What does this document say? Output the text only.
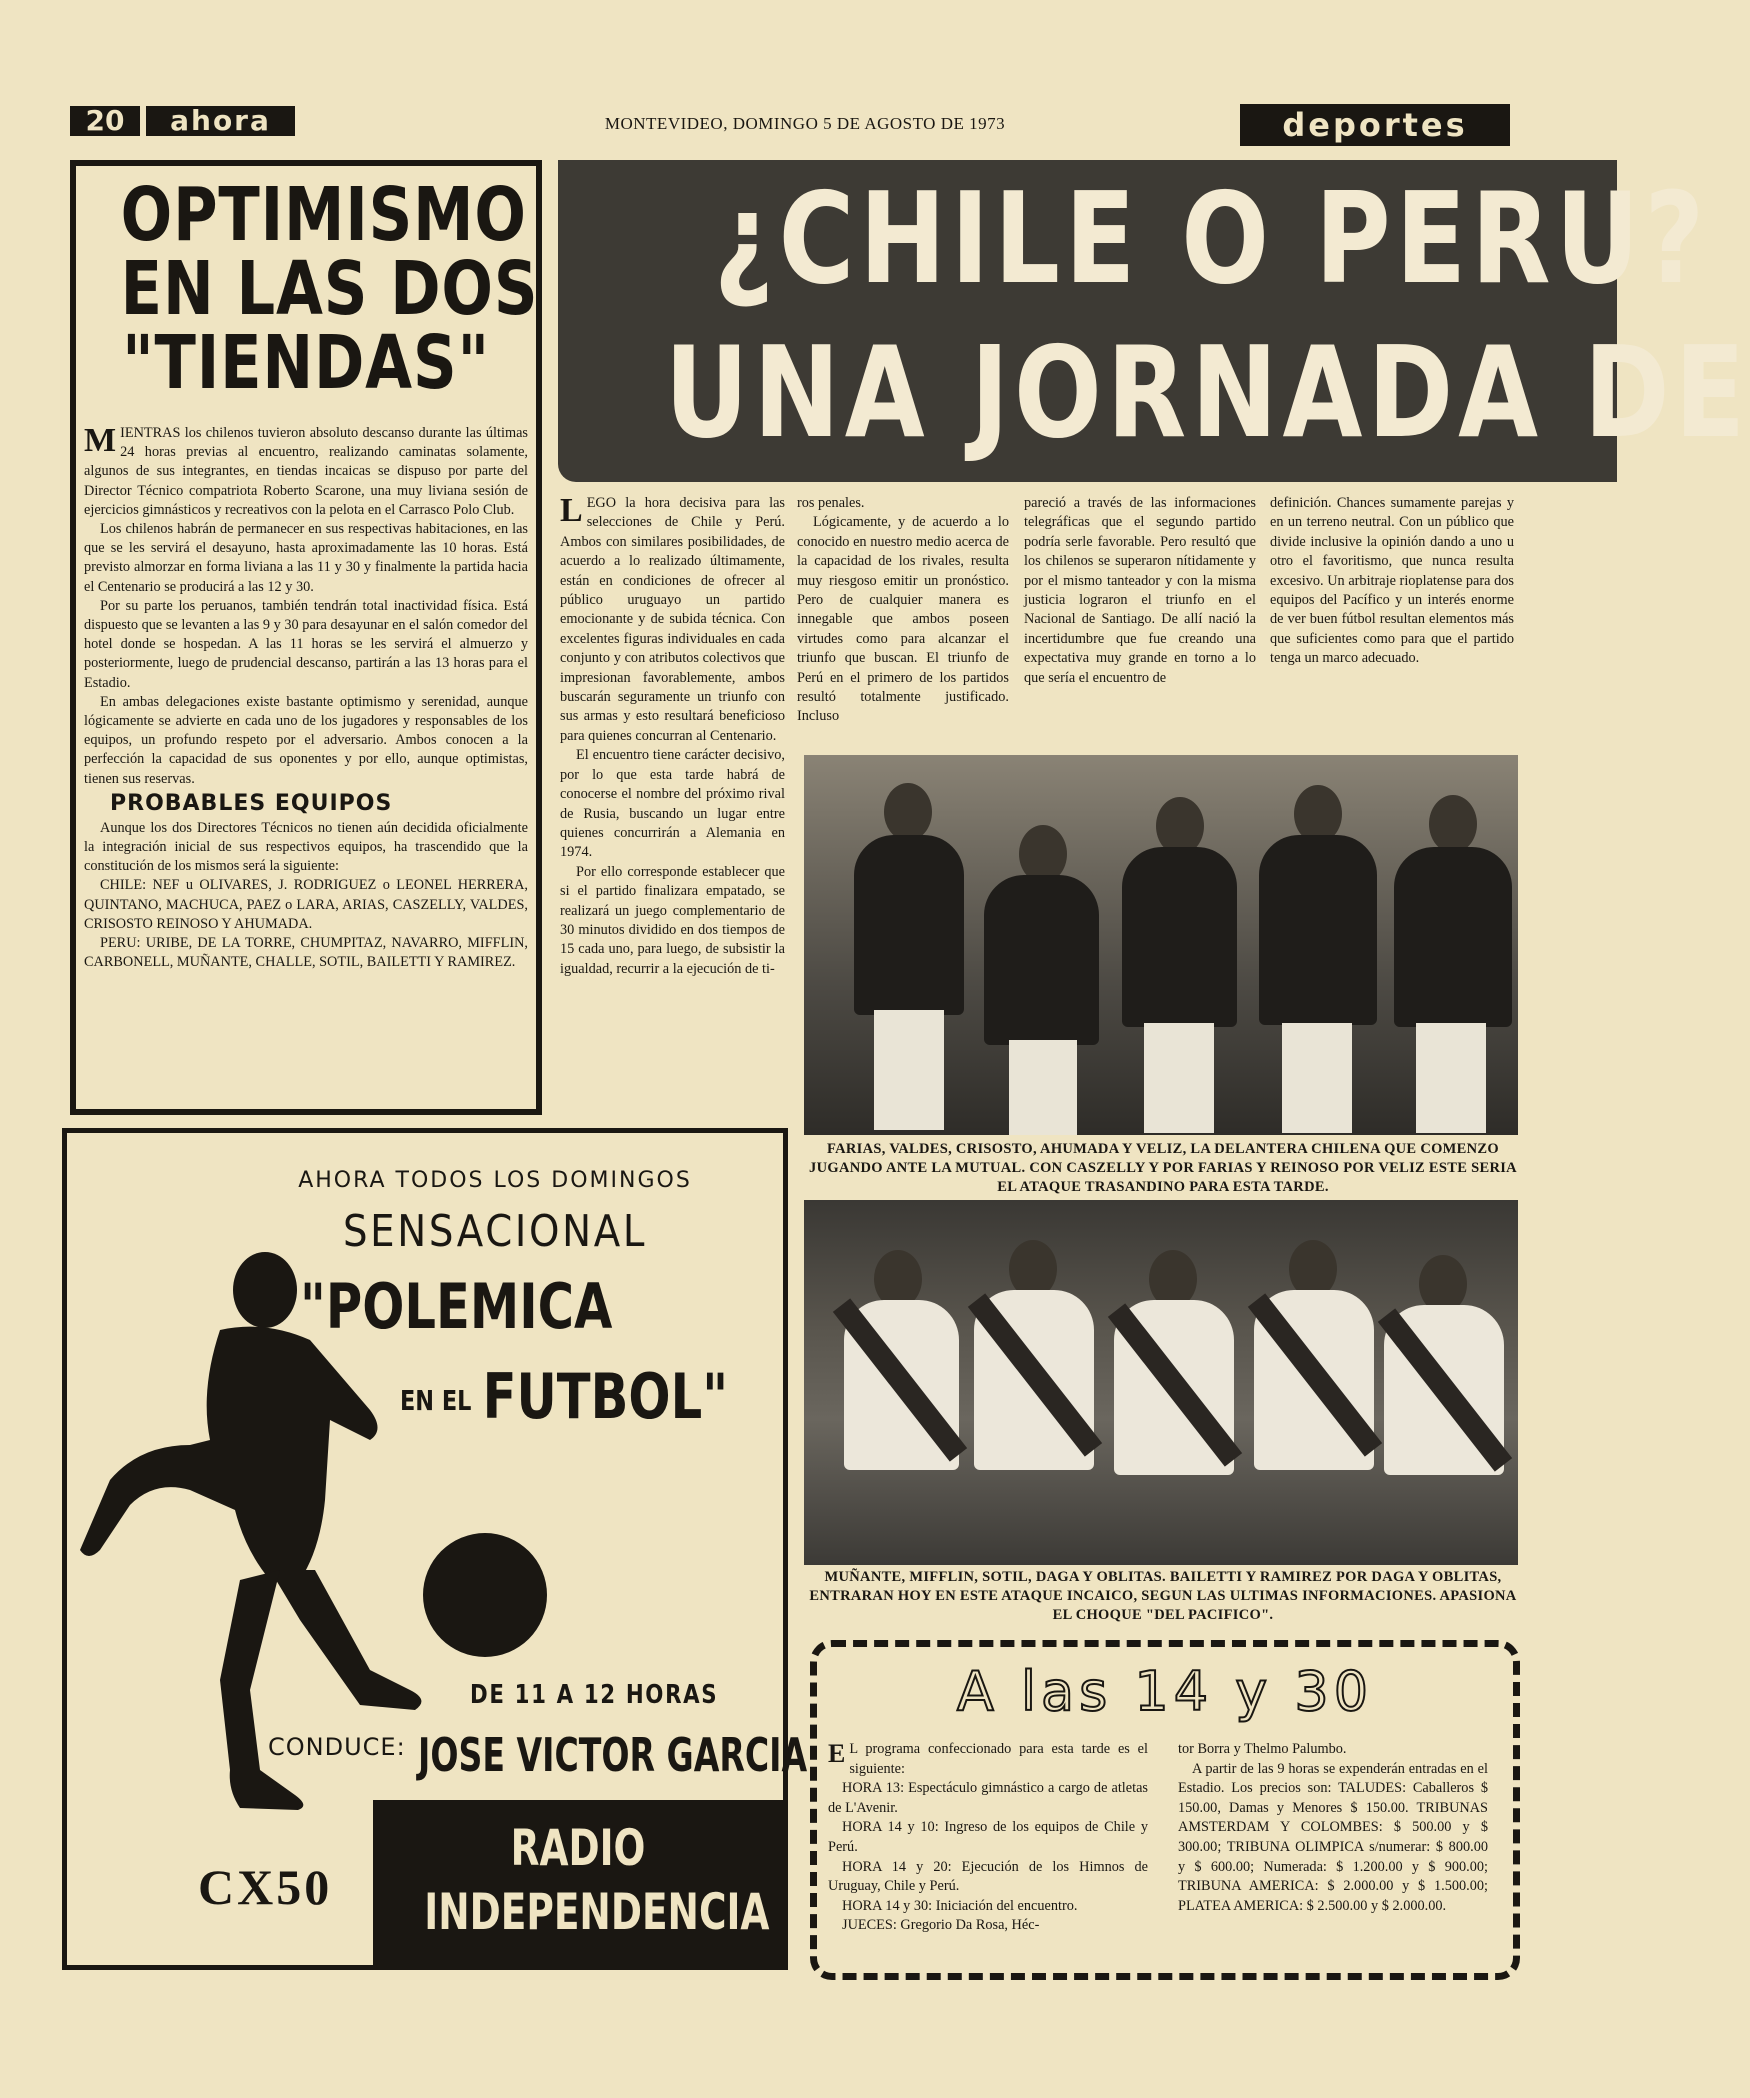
20	ahora	MONTEVIDEO, DOMINGO 5 DE AGOSTO DE 1973	deportes
OPTIMISMO
EN LAS DOS
"TIENDAS"

MIENTRAS los chilenos tuvieron absoluto descanso durante las últimas 24 horas previas al encuentro, realizando caminatas solamente, algunos de sus integrantes, en tiendas incaicas se dispuso por parte del Director Técnico compatriota Roberto Scarone, una muy liviana sesión de ejercicios gimnásticos y recreativos con la pelota en el Carrasco Polo Club.

Los chilenos habrán de permanecer en sus respectivas habitaciones, en las que se les servirá el desayuno, hasta aproximadamente las 10 horas. Está previsto almorzar en forma liviana a las 11 y 30 y finalmente la partida hacia el Centenario se producirá a las 12 y 30.

Por su parte los peruanos, también tendrán total inactividad física. Está dispuesto que se levanten a las 9 y 30 para desayunar en el salón comedor del hotel donde se hospedan. A las 11 horas se les servirá el almuerzo y posteriormente, luego de prudencial descanso, partirán a las 13 horas para el Estadio.

En ambas delegaciones existe bastante optimismo y serenidad, aunque lógicamente se advierte en cada uno de los jugadores y responsables de los equipos, un profundo respeto por el adversario. Ambos conocen a la perfección la capacidad de sus oponentes y por ello, aunque optimistas, tienen sus reservas.

PROBABLES EQUIPOS

Aunque los dos Directores Técnicos no tienen aún decidida oficialmente la integración inicial de sus respectivos equipos, ha trascendido que la constitución de los mismos será la siguiente:

CHILE: NEF u OLIVARES, J. RODRIGUEZ o LEONEL HERRERA, QUINTANO, MACHUCA, PAEZ o LARA, ARIAS, CASZELLY, VALDES, CRISOSTO REINOSO Y AHUMADA.

PERU: URIBE, DE LA TORRE, CHUMPITAZ, NAVARRO, MIFFLIN, CARBONELL, MUÑANTE, CHALLE, SOTIL, BAILETTI Y RAMIREZ.

¿CHILE O PERU?
UNA JORNADA DE

LEGO la hora decisiva para las selecciones de Chile y Perú. Ambos con similares posibilidades, de acuerdo a lo realizado últimamente, están en condiciones de ofrecer al público uruguayo un partido emocionante y de subida técnica. Con excelentes figuras individuales en cada conjunto y con atributos colectivos que impresionan favorablemente, ambos buscarán seguramente un triunfo con sus armas y esto resultará beneficioso para quienes concurran al Centenario.

El encuentro tiene carácter decisivo, por lo que esta tarde habrá de conocerse el nombre del próximo rival de Rusia, buscando un lugar entre quienes concurrirán a Alemania en 1974.

Por ello corresponde establecer que si el partido finalizara empatado, se realizará un juego complementario de 30 minutos dividido en dos tiempos de 15 cada uno, para luego, de subsistir la igualdad, recurrir a la ejecución de ti-

ros penales.

Lógicamente, y de acuerdo a lo conocido en nuestro medio acerca de la capacidad de los rivales, resulta muy riesgoso emitir un pronóstico. Pero de cualquier manera es innegable que ambos poseen virtudes como para alcanzar el triunfo que buscan. El triunfo de Perú en el primero de los partidos resultó totalmente justificado. Incluso

pareció a través de las informaciones telegráficas que el segundo partido podría serle favorable. Pero resultó que los chilenos se superaron nítidamente y por el mismo tanteador y con la misma justicia lograron el triunfo en el Nacional de Santiago. De allí nació la incertidumbre que fue creando una expectativa muy grande en torno a lo que sería el encuentro de

definición. Chances sumamente parejas y en un terreno neutral. Con un público que divide inclusive la opinión dando a uno u otro el favoritismo, que nunca resulta excesivo. Un arbitraje rioplatense para dos equipos del Pacífico y un interés enorme de ver buen fútbol resultan elementos más que suficientes como para que el partido tenga un marco adecuado.

FARIAS, VALDES, CRISOSTO, AHUMADA Y VELIZ, LA DELANTERA CHILENA QUE COMENZO JUGANDO ANTE LA MUTUAL. CON CASZELLY Y POR FARIAS Y REINOSO POR VELIZ ESTE SERIA EL ATAQUE TRASANDINO PARA ESTA TARDE.
MUÑANTE, MIFFLIN, SOTIL, DAGA Y OBLITAS. BAILETTI Y RAMIREZ POR DAGA Y OBLITAS, ENTRARAN HOY EN ESTE ATAQUE INCAICO, SEGUN LAS ULTIMAS INFORMACIONES. APASIONA EL CHOQUE "DEL PACIFICO".
AHORA TODOS LOS DOMINGOS
SENSACIONAL
"POLEMICA
EN EL FUTBOL"
DE 11 A 12 HORAS
CONDUCE: JOSE VICTOR GARCIA
CX50
RADIO
INDEPENDENCIA
A las 14 y 30

E L programa confeccionado para esta tarde es el siguiente:

HORA 13: Espectáculo gimnástico a cargo de atletas de L'Avenir.

HORA 14 y 10: Ingreso de los equipos de Chile y Perú.

HORA 14 y 20: Ejecución de los Himnos de Uruguay, Chile y Perú.

HORA 14 y 30: Iniciación del encuentro.

JUECES: Gregorio Da Rosa, Héc-

tor Borra y Thelmo Palumbo.

A partir de las 9 horas se expenderán entradas en el Estadio. Los precios son: TALUDES: Caballeros $ 150.00, Damas y Menores $ 150.00. TRIBUNAS AMSTERDAM Y COLOMBES: $ 500.00 y $ 300.00; TRIBUNA OLIMPICA s/numerar: $ 800.00 y $ 600.00; Numerada: $ 1.200.00 y $ 900.00; TRIBUNA AMERICA: $ 2.000.00 y $ 1.500.00; PLATEA AMERICA: $ 2.500.00 y $ 2.000.00.
